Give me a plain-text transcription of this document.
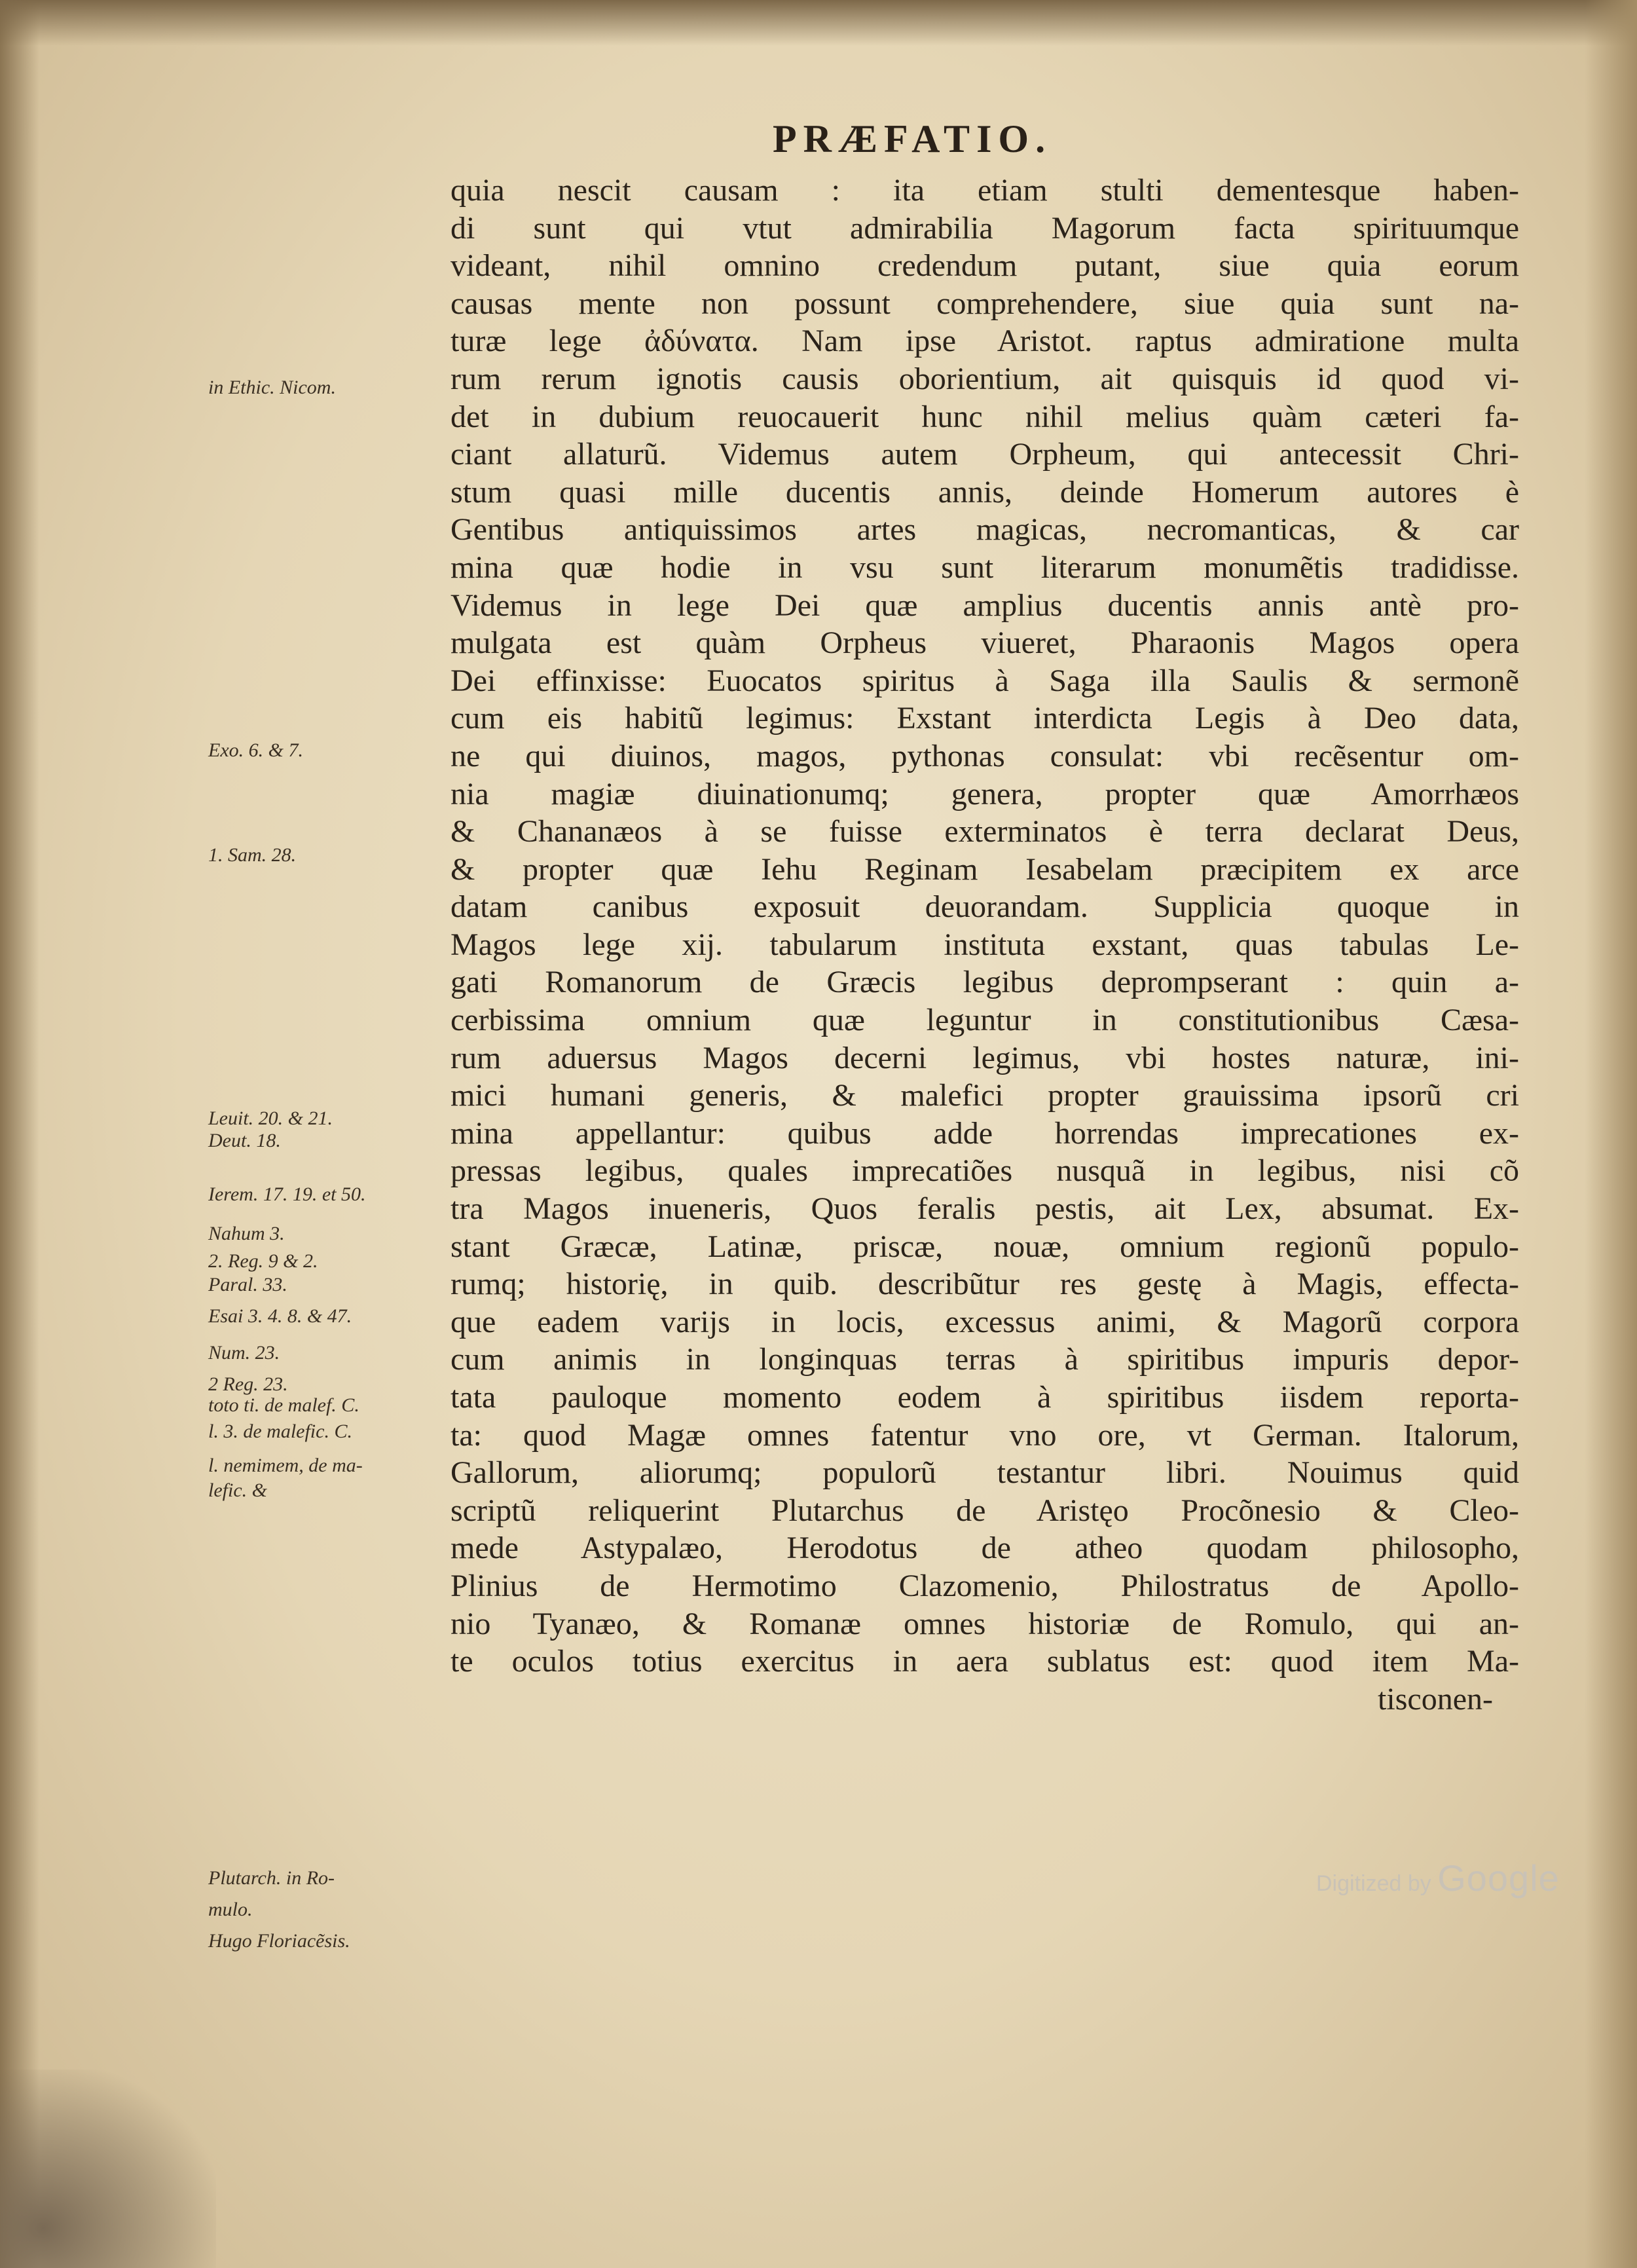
PRÆFATIO.
quia nescit causam : ita etiam stulti dementesque haben-
di sunt qui vtut admirabilia Magorum facta spirituumque
videant, nihil omnino credendum putant, siue quia eorum
causas mente non possunt comprehendere, siue quia sunt na-
turæ lege ἀδύνατα. Nam ipse Aristot. raptus admiratione multa
rum rerum ignotis causis oborientium, ait quisquis id quod vi-
det in dubium reuocauerit hunc nihil melius quàm cæteri fa-
ciant allaturũ. Videmus autem Orpheum, qui antecessit Chri-
stum quasi mille ducentis annis, deinde Homerum autores è
Gentibus antiquissimos artes magicas, necromanticas, & car
mina quæ hodie in vsu sunt literarum monumẽtis tradidisse.
Videmus in lege Dei quæ amplius ducentis annis antè pro-
mulgata est quàm Orpheus viueret, Pharaonis Magos opera
Dei effinxisse: Euocatos spiritus à Saga illa Saulis & sermonẽ
cum eis habitũ legimus: Exstant interdicta Legis à Deo data,
ne qui diuinos, magos, pythonas consulat: vbi recẽsentur om-
nia magiæ diuinationumq; genera, propter quæ Amorrhæos
& Chananæos à se fuisse exterminatos è terra declarat Deus,
& propter quæ Iehu Reginam Iesabelam præcipitem ex arce
datam canibus exposuit deuorandam. Supplicia quoque in
Magos lege xij. tabularum instituta exstant, quas tabulas Le-
gati Romanorum de Græcis legibus deprompserant : quin a-
cerbissima omnium quæ leguntur in constitutionibus Cæsa-
rum aduersus Magos decerni legimus, vbi hostes naturæ, ini-
mici humani generis, & malefici propter grauissima ipsorũ cri
mina appellantur: quibus adde horrendas imprecationes ex-
pressas legibus, quales imprecatiões nusquã in legibus, nisi cõ
tra Magos inueneris, Quos feralis pestis, ait Lex, absumat. Ex-
stant Græcæ, Latinæ, priscæ, nouæ, omnium regionũ populo-
rumq; historię, in quib. describũtur res gestę à Magis, effecta-
que eadem varijs in locis, excessus animi, & Magorũ corpora
cum animis in longinquas terras à spiritibus impuris depor-
tata pauloque momento eodem à spiritibus iisdem reporta-
ta: quod Magæ omnes fatentur vno ore, vt German. Italorum,
Gallorum, aliorumq; populorũ testantur libri. Nouimus quid
scriptũ reliquerint Plutarchus de Aristęo Procõnesio & Cleo-
mede Astypalæo, Herodotus de atheo quodam philosopho,
Plinius de Hermotimo Clazomenio, Philostratus de Apollo-
nio Tyanæo, & Romanæ omnes historiæ de Romulo, qui an-
te oculos totius exercitus in aera sublatus est: quod item Ma-
tisconen-
in Ethic. Nicom.
Exo. 6. & 7.
1. Sam. 28.
Leuit. 20. & 21.
Deut. 18.
Ierem. 17. 19. et 50.
Nahum 3.
2. Reg. 9 & 2.
Paral. 33.
Esai 3. 4. 8. & 47.
Num. 23.
2 Reg. 23.
toto ti. de malef. C.
l. 3. de malefic. C.
l. nemimem, de ma-
lefic. &
Plutarch. in Ro-
mulo.
Hugo Floriacẽsis.
Digitized by Google
